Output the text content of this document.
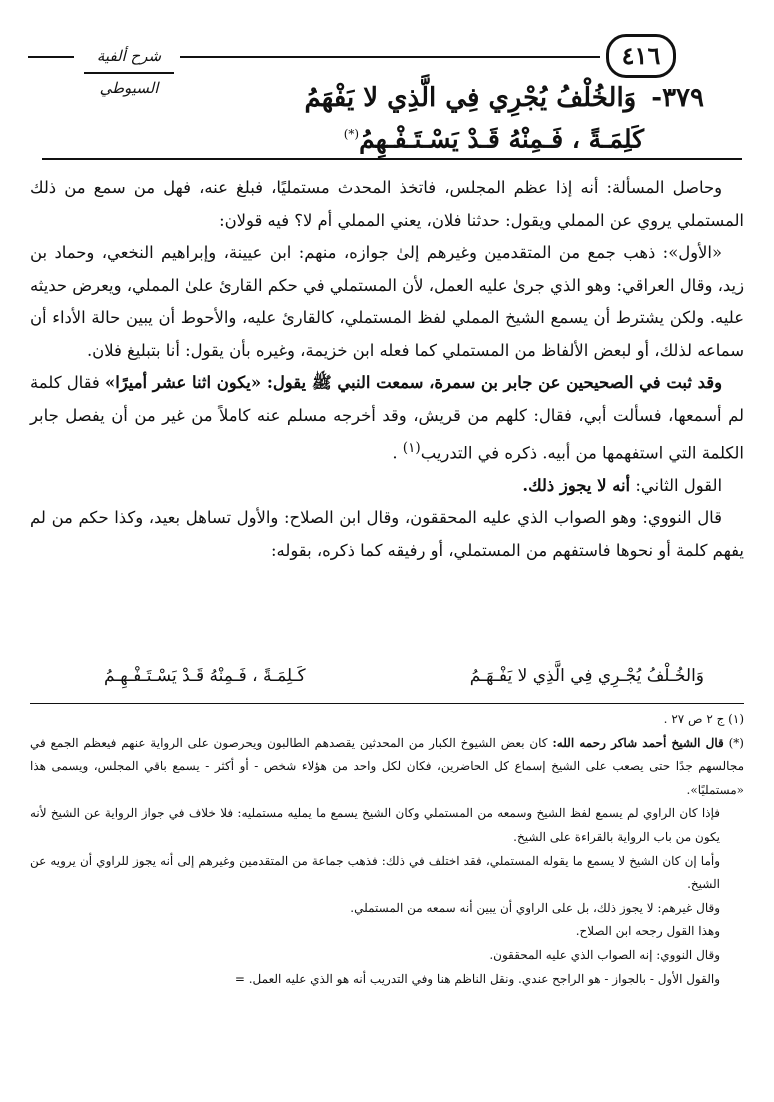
شرح ألفية السيوطي
٤١٦
٣٧٩- وَالخُلْفُ يُجْرِي فِي الَّذِي لا يَفْهَمُ
كَلِمَـةً ، فَـمِنْهُ قَـدْ يَسْـتَـفْـهِمُ(*)

وحاصل المسألة: أنه إذا عظم المجلس، فاتخذ المحدث مستمليًا، فبلغ عنه، فهل من سمع من ذلك المستملي يروي عن المملي ويقول: حدثنا فلان، يعني المملي أم لا؟ فيه قولان:

«الأول»: ذهب جمع من المتقدمين وغيرهم إلىٰ جوازه، منهم: ابن عيينة، وإبراهيم النخعي، وحماد بن زيد، وقال العراقي: وهو الذي جرىٰ عليه العمل، لأن المستملي في حكم القارئ علىٰ المملي، ويعرض حديثه عليه. ولكن يشترط أن يسمع الشيخ المملي لفظ المستملي، كالقارئ عليه، والأحوط أن يبين حالة الأداء أن سماعه لذلك، أو لبعض الألفاظ من المستملي كما فعله ابن خزيمة، وغيره بأن يقول: أنا بتبليغ فلان.

وقد ثبت في الصحيحين عن جابر بن سمرة، سمعت النبي ﷺ يقول: «يكون اثنا عشر أميرًا» فقال كلمة لم أسمعها، فسألت أبي، فقال: كلهم من قريش، وقد أخرجه مسلم عنه كاملاً من غير من أن يفصل جابر الكلمة التي استفهمها من أبيه. ذكره في التدريب$^{(١)}$ .

القول الثاني: أنه لا يجوز ذلك.

قال النووي: وهو الصواب الذي عليه المحققون، وقال ابن الصلاح: والأول تساهل بعيد، وكذا حكم من لم يفهم كلمة أو نحوها فاستفهم من المستملي، أو رفيقه كما ذكره، بقوله:

وَالخُـلْفُ يُجْـرِي فِي الَّذِي لا يَفْـهَـمُ
كَـلِمَـةً ، فَـمِنْهُ قَـدْ يَسْـتَـفْـهِـمُ

(١) ج ٢ ص ٢٧ .

(*) قال الشيخ أحمد شاكر رحمه الله: كان بعض الشيوخ الكبار من المحدثين يقصدهم الطالبون ويحرصون على الرواية عنهم فيعظم الجمع في مجالسهم جدًا حتى يصعب على الشيخ إسماع كل الحاضرين، فكان لكل واحد من هؤلاء شخص - أو أكثر - يسمع باقي المجلس، ويسمى هذا «مستمليًا».

فإذا كان الراوي لم يسمع لفظ الشيخ وسمعه من المستملي وكان الشيخ يسمع ما يمليه مستمليه: فلا خلاف في جواز الرواية عن الشيخ لأنه يكون من باب الرواية بالقراءة على الشيخ.

وأما إن كان الشيخ لا يسمع ما يقوله المستملي، فقد اختلف في ذلك: فذهب جماعة من المتقدمين وغيرهم إلى أنه يجوز للراوي أن يرويه عن الشيخ.

وقال غيرهم: لا يجوز ذلك، بل على الراوي أن يبين أنه سمعه من المستملي.

وهذا القول رجحه ابن الصلاح.

وقال النووي: إنه الصواب الذي عليه المحققون.

والقول الأول - بالجواز - هو الراجح عندي. ونقل الناظم هنا وفي التدريب أنه هو الذي عليه العمل. =
